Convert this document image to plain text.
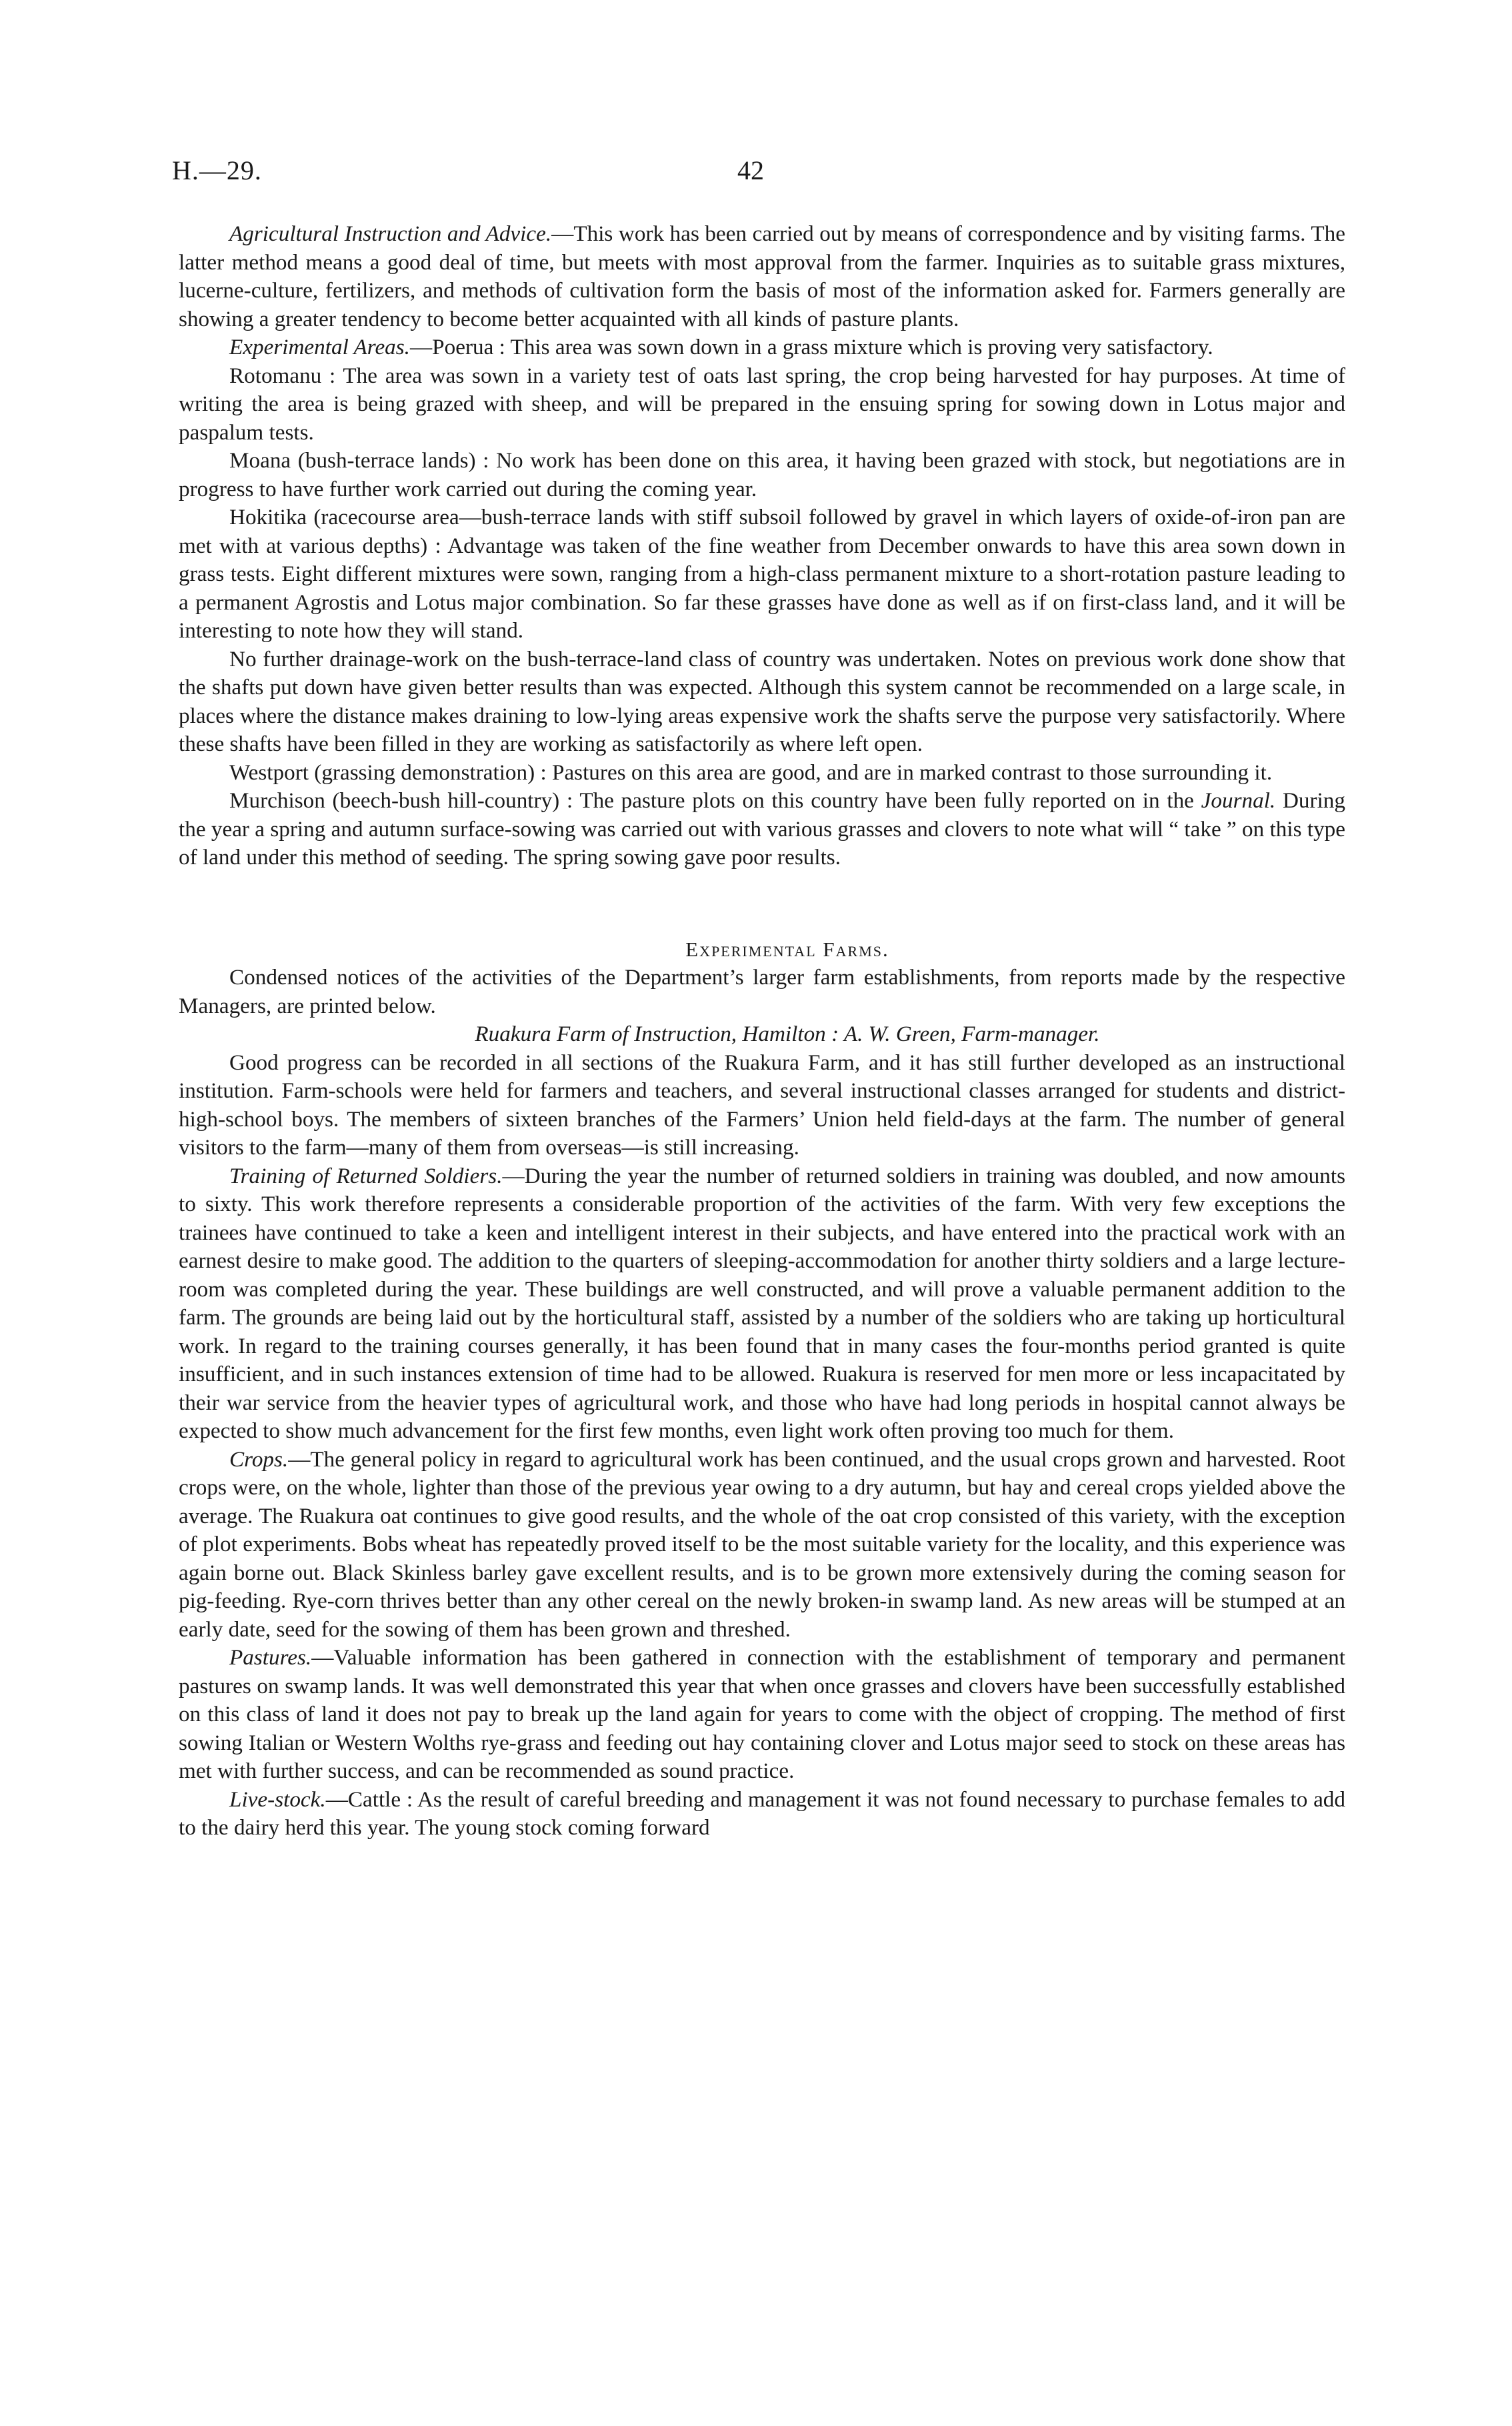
H.—29.	42

Agricultural Instruction and Advice.—This work has been carried out by means of correspondence and by visiting farms. The latter method means a good deal of time, but meets with most approval from the farmer. Inquiries as to suitable grass mixtures, lucerne-culture, fertilizers, and methods of cultivation form the basis of most of the information asked for. Farmers generally are showing a greater tendency to become better acquainted with all kinds of pasture plants.

Experimental Areas.—Poerua : This area was sown down in a grass mixture which is proving very satisfactory.

Rotomanu : The area was sown in a variety test of oats last spring, the crop being harvested for hay purposes. At time of writing the area is being grazed with sheep, and will be prepared in the ensuing spring for sowing down in Lotus major and paspalum tests.

Moana (bush-terrace lands) : No work has been done on this area, it having been grazed with stock, but negotiations are in progress to have further work carried out during the coming year.

Hokitika (racecourse area—bush-terrace lands with stiff subsoil followed by gravel in which layers of oxide-of-iron pan are met with at various depths) : Advantage was taken of the fine weather from December onwards to have this area sown down in grass tests. Eight different mixtures were sown, ranging from a high-class permanent mixture to a short-rotation pasture leading to a permanent Agrostis and Lotus major combination. So far these grasses have done as well as if on first-class land, and it will be interesting to note how they will stand.

No further drainage-work on the bush-terrace-land class of country was undertaken. Notes on previous work done show that the shafts put down have given better results than was expected. Although this system cannot be recommended on a large scale, in places where the distance makes draining to low-lying areas expensive work the shafts serve the purpose very satisfactorily. Where these shafts have been filled in they are working as satisfactorily as where left open.

Westport (grassing demonstration) : Pastures on this area are good, and are in marked contrast to those surrounding it.

Murchison (beech-bush hill-country) : The pasture plots on this country have been fully reported on in the Journal. During the year a spring and autumn surface-sowing was carried out with various grasses and clovers to note what will “ take ” on this type of land under this method of seeding. The spring sowing gave poor results.

Experimental Farms.

Condensed notices of the activities of the Department’s larger farm establishments, from reports made by the respective Managers, are printed below.

Ruakura Farm of Instruction, Hamilton : A. W. Green, Farm-manager.

Good progress can be recorded in all sections of the Ruakura Farm, and it has still further developed as an instructional institution. Farm-schools were held for farmers and teachers, and several instructional classes arranged for students and district-high-school boys. The members of sixteen branches of the Farmers’ Union held field-days at the farm. The number of general visitors to the farm—many of them from overseas—is still increasing.

Training of Returned Soldiers.—During the year the number of returned soldiers in training was doubled, and now amounts to sixty. This work therefore represents a considerable proportion of the activities of the farm. With very few exceptions the trainees have continued to take a keen and intelligent interest in their subjects, and have entered into the practical work with an earnest desire to make good. The addition to the quarters of sleeping-accommodation for another thirty soldiers and a large lecture-room was completed during the year. These buildings are well constructed, and will prove a valuable permanent addition to the farm. The grounds are being laid out by the horticultural staff, assisted by a number of the soldiers who are taking up horticultural work. In regard to the training courses generally, it has been found that in many cases the four-months period granted is quite insufficient, and in such instances extension of time had to be allowed. Ruakura is reserved for men more or less incapacitated by their war service from the heavier types of agricultural work, and those who have had long periods in hospital cannot always be expected to show much advancement for the first few months, even light work often proving too much for them.

Crops.—The general policy in regard to agricultural work has been continued, and the usual crops grown and harvested. Root crops were, on the whole, lighter than those of the previous year owing to a dry autumn, but hay and cereal crops yielded above the average. The Ruakura oat continues to give good results, and the whole of the oat crop consisted of this variety, with the exception of plot experiments. Bobs wheat has repeatedly proved itself to be the most suitable variety for the locality, and this experience was again borne out. Black Skinless barley gave excellent results, and is to be grown more extensively during the coming season for pig-feeding. Rye-corn thrives better than any other cereal on the newly broken-in swamp land. As new areas will be stumped at an early date, seed for the sowing of them has been grown and threshed.

Pastures.—Valuable information has been gathered in connection with the establishment of temporary and permanent pastures on swamp lands. It was well demonstrated this year that when once grasses and clovers have been successfully established on this class of land it does not pay to break up the land again for years to come with the object of cropping. The method of first sowing Italian or Western Wolths rye-grass and feeding out hay containing clover and Lotus major seed to stock on these areas has met with further success, and can be recommended as sound practice.

Live-stock.—Cattle : As the result of careful breeding and management it was not found necessary to purchase females to add to the dairy herd this year. The young stock coming forward
